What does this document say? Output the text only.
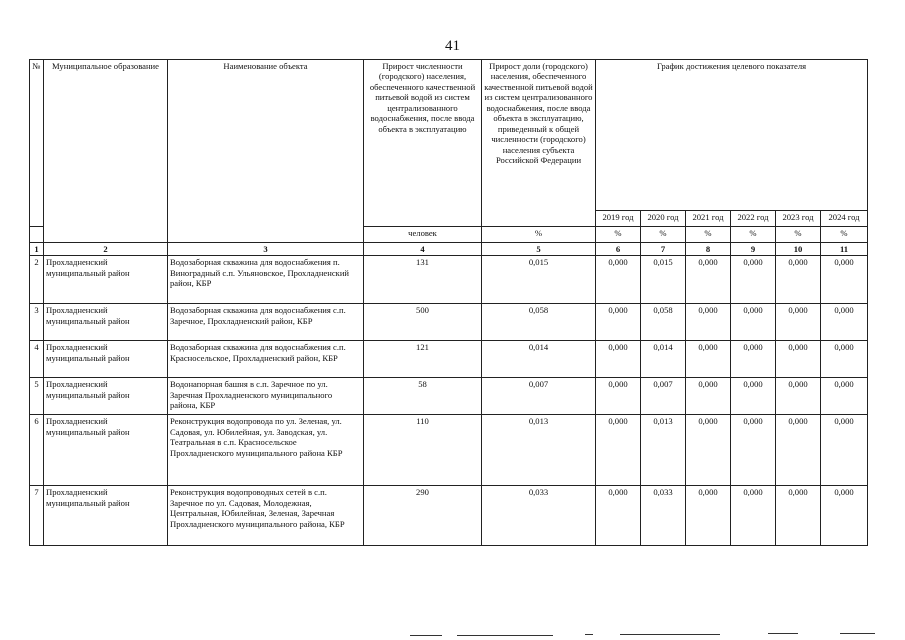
41
№	Муниципальное образование	Наименование объекта	Прирост численности (городского) населения, обеспеченного качественной питьевой водой из систем централизованного водоснабжения, после ввода объекта в эксплуатацию	Прирост доли (городского) населения, обеспеченного качественной питьевой водой из систем централизованного водоснабжения, после ввода объекта в эксплуатацию, приведенный к общей численности (городского) населения субъекта Российской Федерации	График достижения целевого показателя					
					2019 год	2020 год	2021 год	2022 год	2023 год	2024 год
			человек	%	%	%	%	%	%	%
1	2	3	4	5	6	7	8	9	10	11
2	Прохладненский муниципальный район	Водозаборная скважина для водоснабжения п. Виноградный с.п. Ульяновское, Прохладненский район, КБР	131	0,015	0,000	0,015	0,000	0,000	0,000	0,000
3	Прохладненский муниципальный район	Водозаборная скважина для водоснабжения с.п. Заречное, Прохладненский район, КБР	500	0,058	0,000	0,058	0,000	0,000	0,000	0,000
4	Прохладненский муниципальный район	Водозаборная скважина для водоснабжения с.п. Красносельское, Прохладненский район, КБР	121	0,014	0,000	0,014	0,000	0,000	0,000	0,000
5	Прохладненский муниципальный район	Водонапорная башня в с.п. Заречное по ул. Заречная Прохладненского муниципального района, КБР	58	0,007	0,000	0,007	0,000	0,000	0,000	0,000
6	Прохладненский муниципальный район	Реконструкция водопровода по ул. Зеленая, ул. Садовая, ул. Юбилейная, ул. Заводская, ул. Театральная в с.п. Красносельское Прохладненского муниципального района КБР	110	0,013	0,000	0,013	0,000	0,000	0,000	0,000
7	Прохладненский муниципальный район	Реконструкция водопроводных сетей в с.п. Заречное по ул. Садовая, Молодежная, Центральная, Юбилейная, Зеленая, Заречная Прохладненского муниципального района, КБР	290	0,033	0,000	0,033	0,000	0,000	0,000	0,000
